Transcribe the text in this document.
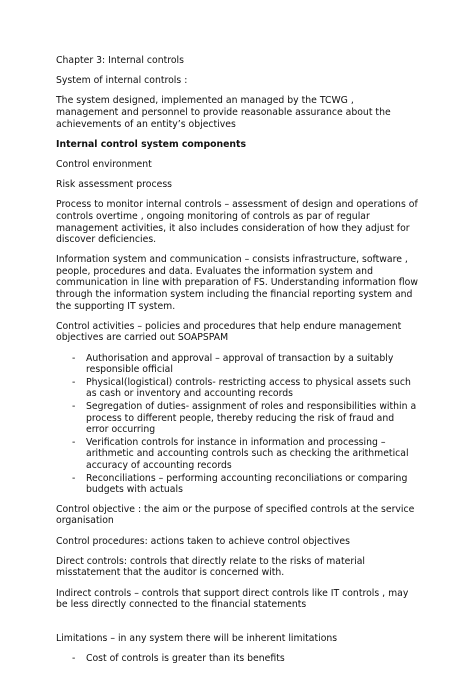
Chapter 3: Internal controls

System of internal controls :

The system designed, implemented an managed by the TCWG , management and personnel to provide reasonable assurance about the achievements of an entity’s objectives

Internal control system components

Control environment

Risk assessment process

Process to monitor internal controls – assessment of design and operations of controls overtime , ongoing monitoring of controls as par of regular management activities, it also includes consideration of how they adjust for discover deficiencies.

Information system and communication – consists infrastructure, software , people, procedures and data. Evaluates the information system and communication in line with preparation of FS. Understanding information flow through the information system including the financial reporting system and the supporting IT system.

Control activities – policies and procedures that help endure management objectives are carried out SOAPSPAM

- Authorisation and approval – approval of transaction by a suitably responsible official
- Physical(logistical) controls- restricting access to physical assets such as cash or inventory and accounting records
- Segregation of duties- assignment of roles and responsibilities within a process to different people, thereby reducing the risk of fraud and error occurring
- Verification controls for instance in information and processing – arithmetic and accounting controls such as checking the arithmetical accuracy of accounting records
- Reconciliations – performing accounting reconciliations or comparing budgets with actuals

Control objective : the aim or the purpose of specified controls at the service organisation

Control procedures: actions taken to achieve control objectives

Direct controls: controls that directly relate to the risks of material misstatement that the auditor is concerned with.

Indirect controls – controls that support direct controls like IT controls , may be less directly connected to the financial statements

Limitations – in any system there will be inherent limitations

- Cost of controls is greater than its benefits
